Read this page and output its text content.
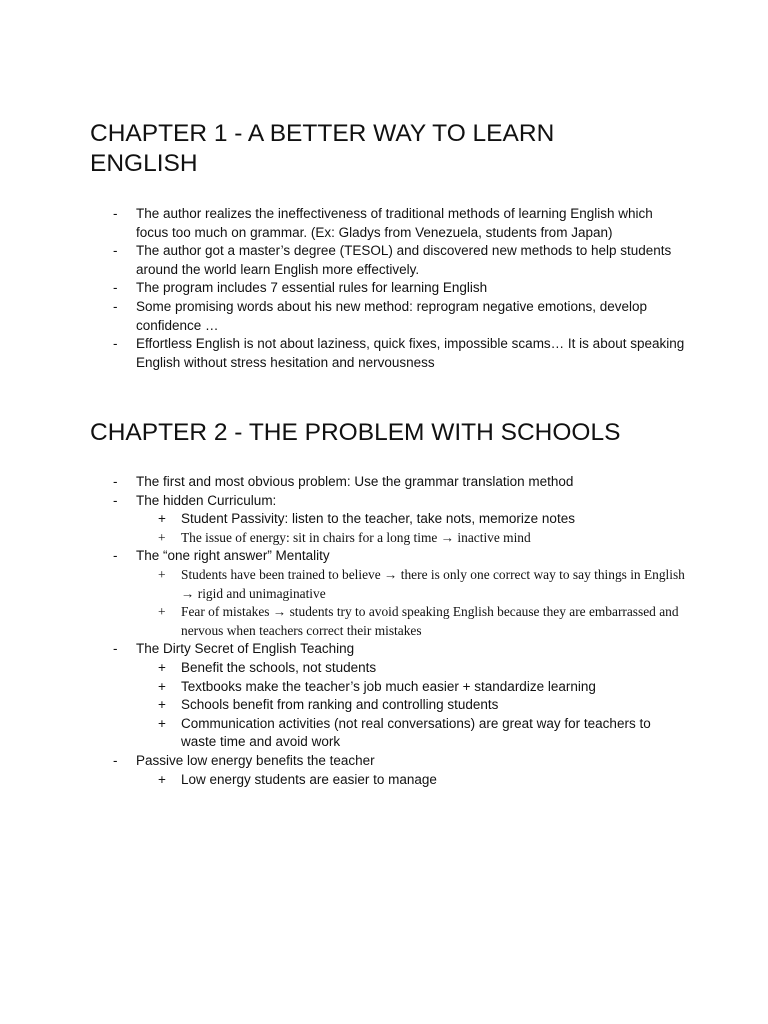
CHAPTER 1 - A BETTER WAY TO LEARN ENGLISH
- The author realizes the ineffectiveness of traditional methods of learning English which focus too much on grammar. (Ex: Gladys from Venezuela, students from Japan)
- The author got a master’s degree (TESOL) and discovered new methods to help students around the world learn English more effectively.
- The program includes 7 essential rules for learning English
- Some promising words about his new method: reprogram negative emotions, develop confidence …
- Effortless English is not about laziness, quick fixes, impossible scams… It is about speaking English without stress hesitation and nervousness
CHAPTER 2 - THE PROBLEM WITH SCHOOLS
- The first and most obvious problem: Use the grammar translation method
- The hidden Curriculum:
+ Student Passivity: listen to the teacher, take nots, memorize notes
+ The issue of energy: sit in chairs for a long time → inactive mind
- The “one right answer” Mentality
+ Students have been trained to believe → there is only one correct way to say things in English → rigid and unimaginative
+ Fear of mistakes → students try to avoid speaking English because they are embarrassed and nervous when teachers correct their mistakes
- The Dirty Secret of English Teaching
+ Benefit the schools, not students
+ Textbooks make the teacher’s job much easier + standardize learning
+ Schools benefit from ranking and controlling students
+ Communication activities (not real conversations) are great way for teachers to waste time and avoid work
- Passive low energy benefits the teacher
+ Low energy students are easier to manage
